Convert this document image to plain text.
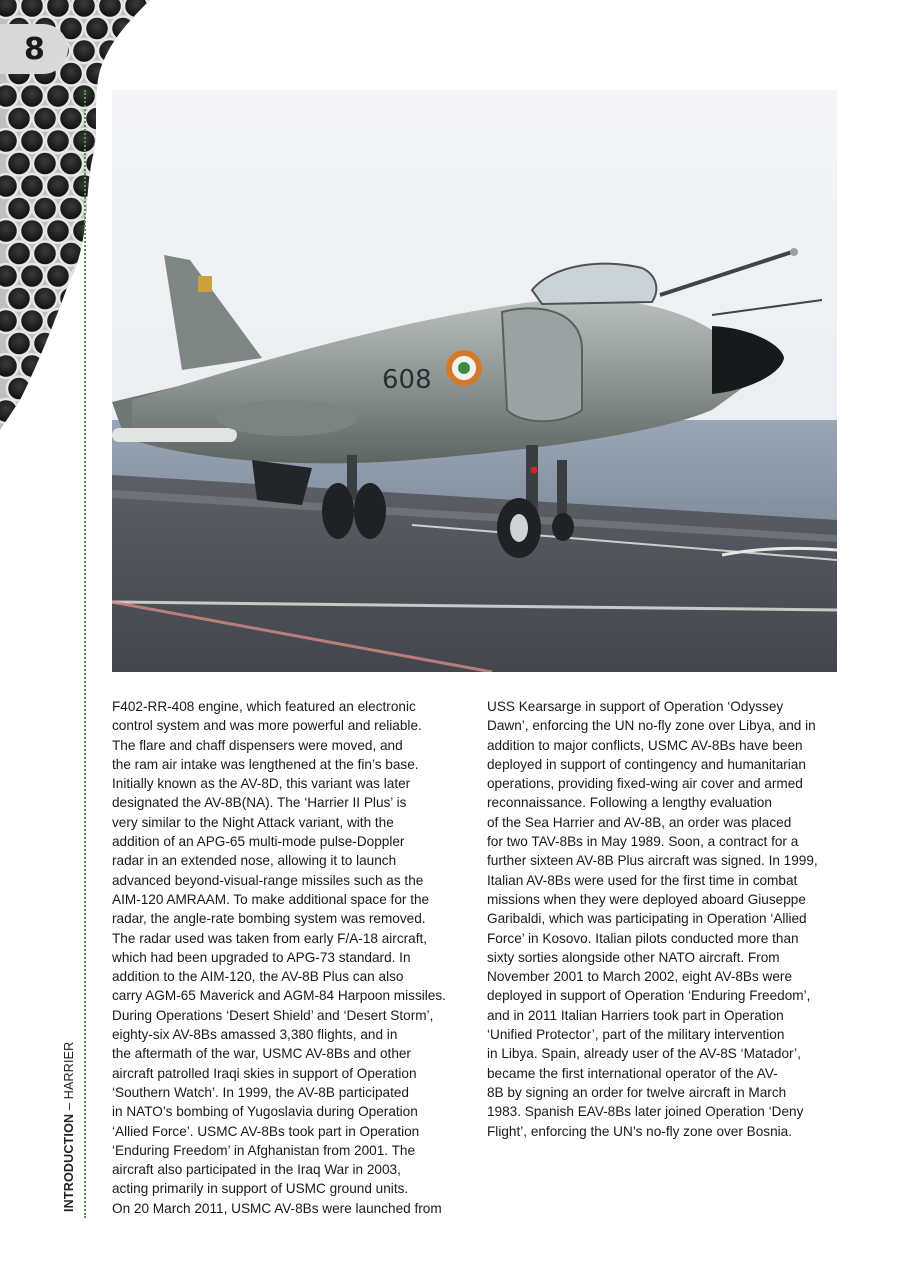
8
INTRODUCTION – HARRIER
608
F402-RR-408 engine, which featured an electronic
control system and was more powerful and reliable.
The flare and chaff dispensers were moved, and
the ram air intake was lengthened at the fin’s base.
Initially known as the AV-8D, this variant was later
designated the AV-8B(NA). The ‘Harrier II Plus’ is
very similar to the Night Attack variant, with the
addition of an APG-65 multi-mode pulse-Doppler
radar in an extended nose, allowing it to launch
advanced beyond-visual-range missiles such as the
AIM-120 AMRAAM. To make additional space for the
radar, the angle-rate bombing system was removed.
The radar used was taken from early F/A-18 aircraft,
which had been upgraded to APG-73 standard. In
addition to the AIM-120, the AV-8B Plus can also
carry AGM-65 Maverick and AGM-84 Harpoon missiles.
During Operations ‘Desert Shield’ and ‘Desert Storm’,
eighty-six AV-8Bs amassed 3,380 flights, and in
the aftermath of the war, USMC AV-8Bs and other
aircraft patrolled Iraqi skies in support of Operation
‘Southern Watch’. In 1999, the AV-8B participated
in NATO’s bombing of Yugoslavia during Operation
‘Allied Force’. USMC AV-8Bs took part in Operation
‘Enduring Freedom’ in Afghanistan from 2001. The
aircraft also participated in the Iraq War in 2003,
acting primarily in support of USMC ground units.
On 20 March 2011, USMC AV-8Bs were launched from
USS Kearsarge in support of Operation ‘Odyssey
Dawn’, enforcing the UN no-fly zone over Libya, and in
addition to major conflicts, USMC AV-8Bs have been
deployed in support of contingency and humanitarian
operations, providing fixed-wing air cover and armed
reconnaissance. Following a lengthy evaluation
of the Sea Harrier and AV-8B, an order was placed
for two TAV-8Bs in May 1989. Soon, a contract for a
further sixteen AV-8B Plus aircraft was signed. In 1999,
Italian AV-8Bs were used for the first time in combat
missions when they were deployed aboard Giuseppe
Garibaldi, which was participating in Operation ‘Allied
Force’ in Kosovo. Italian pilots conducted more than
sixty sorties alongside other NATO aircraft. From
November 2001 to March 2002, eight AV-8Bs were
deployed in support of Operation ‘Enduring Freedom’,
and in 2011 Italian Harriers took part in Operation
‘Unified Protector’, part of the military intervention
in Libya. Spain, already user of the AV-8S ‘Matador’,
became the first international operator of the AV-
8B by signing an order for twelve aircraft in March
1983. Spanish EAV-8Bs later joined Operation ‘Deny
Flight’, enforcing the UN’s no-fly zone over Bosnia.
